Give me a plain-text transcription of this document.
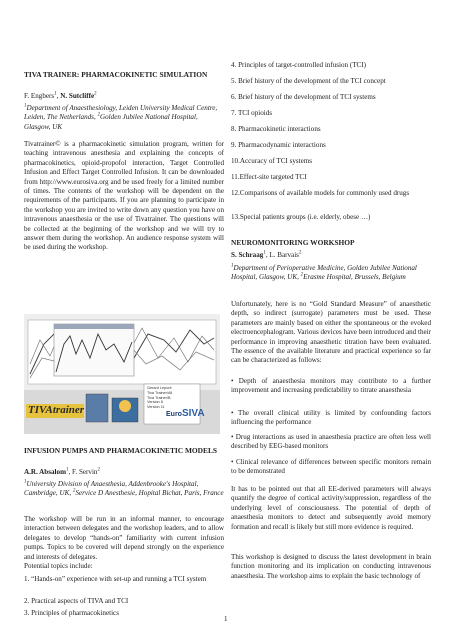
TIVA TRAINER: PHARMACOKINETIC SIMULATION

F. Engbers$^1$, N. Sutcliffe$^2$

$^1$Department of Anaesthesiology, Leiden University Medical Centre, Leiden, The Netherlands, $^2$Golden Jubilee National Hospital, Glasgow, UK

Tivatrainer© is a pharmacokinetic simulation program, written for teaching intravenous anesthesia and explaining the concepts of pharmacokinetics, opioid-propofol interaction, Target Controlled Infusion and Effect Target Controlled Infusion. It can be downloaded from http://www.eurosiva.org and be used freely for a limited number of times. The contents of the workshop will be dependent on the requirements of the participants. If you are planning to participate in the workshop you are invited to write down any question you have on intravenous anaesthesia or the use of Tivatrainer. The questions will be collected at the beginning of the workshop and we will try to answer them during the workshop. An audience response system will be used during the workshop.

TIVAtrainer	EuroSIVA
Gerard Leporé
Tiva Trainer/All
Tiva Trainer/B
Version 8
Version 11

INFUSION PUMPS AND PHARMACOKINETIC MODELS

A.R. Absalom$^1$, F. Servin$^2$

$^1$University Division of Anaesthesia, Addenbrooke's Hospital, Cambridge, UK, $^2$Service D Anesthesie, Hopital Bichat, Paris, France

The workshop will be run in an informal manner, to encourage interaction between delegates and the workshop leaders, and to allow delegates to develop “hands-on” familiarity with current infusion pumps. Topics to be covered will depend strongly on the experience and interests of delegates.

Potential topics include:

1. “Hands-on” experience with set-up and running a TCI system

2. Practical aspects of TIVA and TCI

3. Principles of pharmacokinetics

4. Principles of target-controlled infusion (TCI)

5. Brief history of the development of the TCI concept

6. Brief history of the development of TCI systems

7. TCI opioids

8. Pharmacokinetic interactions

9. Pharmacodynamic interactions

10.Accuracy of TCI systems

11.Effect-site targeted TCI

12.Comparisons of available models for commonly used drugs

13.Special patients groups (i.e. elderly, obese …)

NEUROMONITORING WORKSHOP

S. Schraag$^1$, L. Barvais$^2$

$^1$Department of Perioperative Medicine, Golden Jubilee National Hospital, Glasgow, UK, $^2$Erasme Hospital, Brussels, Belgium

Unfortunately, here is no “Gold Standard Measure” of anaesthetic depth, so indirect (surrogate) parameters must be used. These parameters are mainly based on either the spontaneous or the evoked electroencephalogram. Various devices have been introduced and their performance in improving anaesthetic titration have been evaluated. The essence of the available literature and practical experience so far can be characterized as follows:

• Depth of anaesthesia monitors may contribute to a further improvement and increasing predictability to titrate anaesthesia

• The overall clinical utility is limited by confounding factors influencing the performance

• Drug interactions as used in anaesthesia practice are often less well described by EEG-based monitors

• Clinical relevance of differences between specific monitors remain to be demonstrated

It has to be pointed out that all EE-derived parameters will always quantify the degree of cortical activity/suppression, regardless of the underlying level of consciousness. The potential of depth of anaesthesia monitors to detect and subsequently avoid memory formation and recall is likely but still more evidence is required.

This workshop is designed to discuss the latest development in brain function monitoring and its implication on conducting intravenous anaesthesia. The workshop aims to explain the basic technology of

1
